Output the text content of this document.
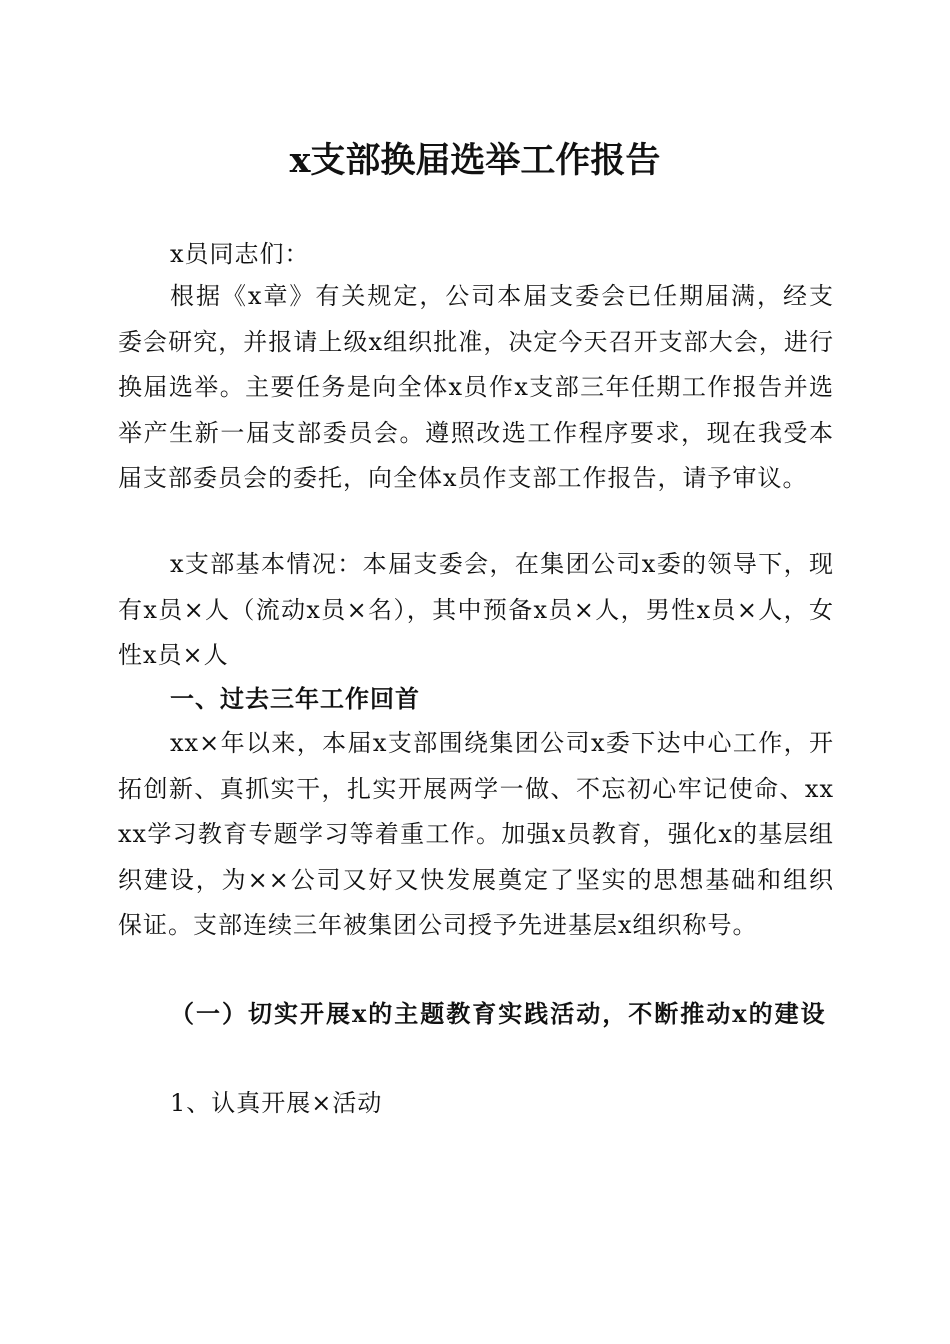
x支部换届选举工作报告
x员同志们：

根据《x章》有关规定，公司本届支委会已任期届满，经支委会研究，并报请上级x组织批准，决定今天召开支部大会，进行换届选举。主要任务是向全体x员作x支部三年任期工作报告并选举产生新一届支部委员会。遵照改选工作程序要求，现在我受本届支部委员会的委托，向全体x员作支部工作报告，请予审议。

x支部基本情况：本届支委会，在集团公司x委的领导下，现有x员×人（流动x员×名），其中预备x员×人，男性x员×人，女性x员×人

一、过去三年工作回首

xx×年以来，本届x支部围绕集团公司x委下达中心工作，开拓创新、真抓实干，扎实开展两学一做、不忘初心牢记使命、xxxx学习教育专题学习等着重工作。加强x员教育，强化x的基层组织建设，为××公司又好又快发展奠定了坚实的思想基础和组织保证。支部连续三年被集团公司授予先进基层x组织称号。

（一）切实开展x的主题教育实践活动，不断推动x的建设

1、认真开展×活动
